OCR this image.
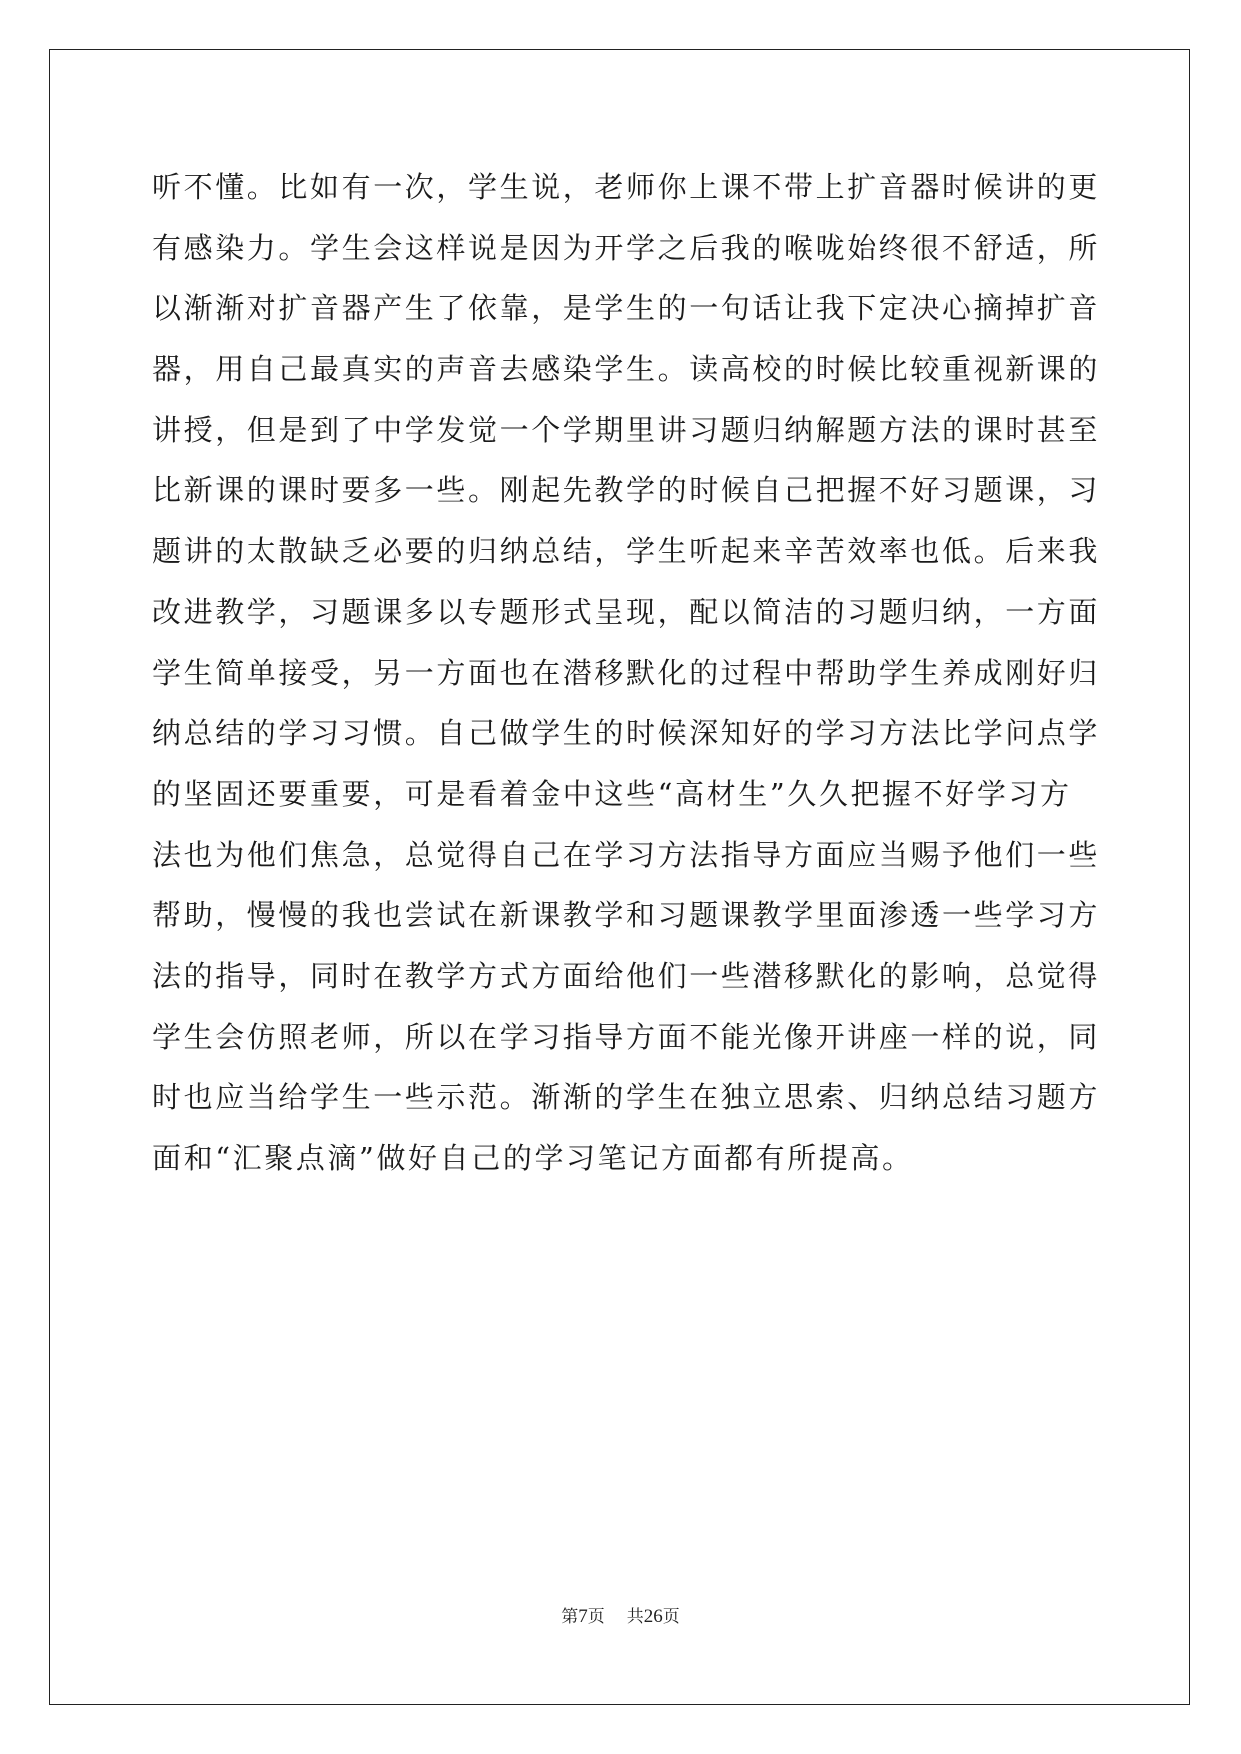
听不懂。比如有一次，学生说，老师你上课不带上扩音器时候讲的更
有感染力。学生会这样说是因为开学之后我的喉咙始终很不舒适，所
以渐渐对扩音器产生了依靠，是学生的一句话让我下定决心摘掉扩音
器，用自己最真实的声音去感染学生。读高校的时候比较重视新课的
讲授，但是到了中学发觉一个学期里讲习题归纳解题方法的课时甚至
比新课的课时要多一些。刚起先教学的时候自己把握不好习题课，习
题讲的太散缺乏必要的归纳总结，学生听起来辛苦效率也低。后来我
改进教学，习题课多以专题形式呈现，配以简洁的习题归纳，一方面
学生简单接受，另一方面也在潜移默化的过程中帮助学生养成刚好归
纳总结的学习习惯。自己做学生的时候深知好的学习方法比学问点学
的坚固还要重要，可是看着金中这些“高材生”久久把握不好学习方
法也为他们焦急，总觉得自己在学习方法指导方面应当赐予他们一些
帮助，慢慢的我也尝试在新课教学和习题课教学里面渗透一些学习方
法的指导，同时在教学方式方面给他们一些潜移默化的影响，总觉得
学生会仿照老师，所以在学习指导方面不能光像开讲座一样的说，同
时也应当给学生一些示范。渐渐的学生在独立思索、归纳总结习题方
面和“汇聚点滴”做好自己的学习笔记方面都有所提高。
第7页 共26页
